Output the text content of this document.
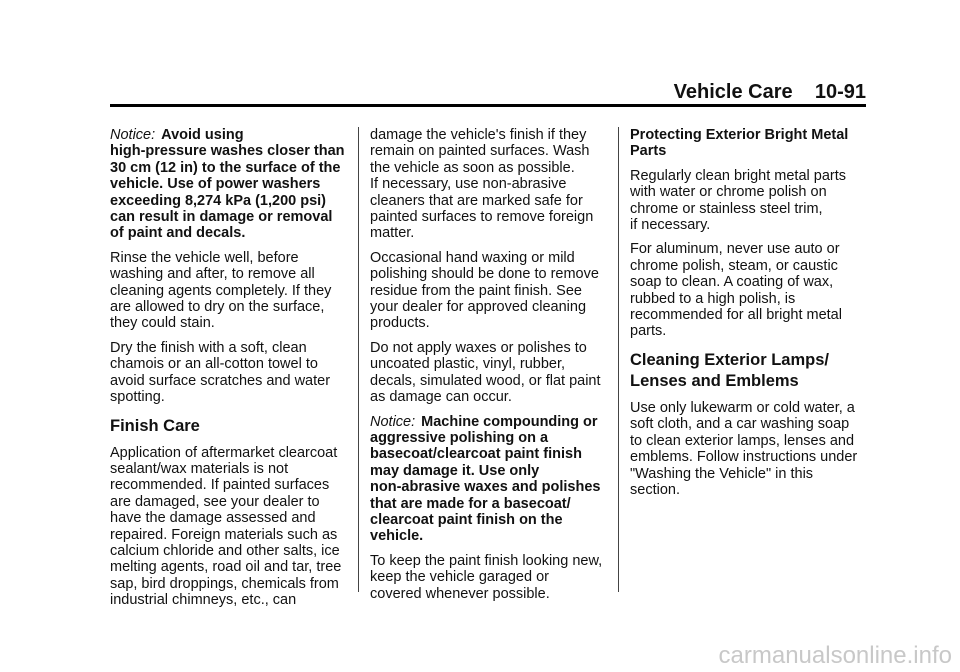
Vehicle Care 10-91

Notice: Avoid using
high-pressure washes closer than
30 cm (12 in) to the surface of the
vehicle. Use of power washers
exceeding 8,274 kPa (1,200 psi)
can result in damage or removal
of paint and decals.

Rinse the vehicle well, before
washing and after, to remove all
cleaning agents completely. If they
are allowed to dry on the surface,
they could stain.

Dry the finish with a soft, clean
chamois or an all-cotton towel to
avoid surface scratches and water
spotting.

Finish Care

Application of aftermarket clearcoat
sealant/wax materials is not
recommended. If painted surfaces
are damaged, see your dealer to
have the damage assessed and
repaired. Foreign materials such as
calcium chloride and other salts, ice
melting agents, road oil and tar, tree
sap, bird droppings, chemicals from
industrial chimneys, etc., can

damage the vehicle's finish if they
remain on painted surfaces. Wash
the vehicle as soon as possible.
If necessary, use non-abrasive
cleaners that are marked safe for
painted surfaces to remove foreign
matter.

Occasional hand waxing or mild
polishing should be done to remove
residue from the paint finish. See
your dealer for approved cleaning
products.

Do not apply waxes or polishes to
uncoated plastic, vinyl, rubber,
decals, simulated wood, or flat paint
as damage can occur.

Notice: Machine compounding or
aggressive polishing on a
basecoat/clearcoat paint finish
may damage it. Use only
non-abrasive waxes and polishes
that are made for a basecoat/
clearcoat paint finish on the
vehicle.

To keep the paint finish looking new,
keep the vehicle garaged or
covered whenever possible.

Protecting Exterior Bright Metal
Parts

Regularly clean bright metal parts
with water or chrome polish on
chrome or stainless steel trim,
if necessary.

For aluminum, never use auto or
chrome polish, steam, or caustic
soap to clean. A coating of wax,
rubbed to a high polish, is
recommended for all bright metal
parts.

Cleaning Exterior Lamps/
Lenses and Emblems

Use only lukewarm or cold water, a
soft cloth, and a car washing soap
to clean exterior lamps, lenses and
emblems. Follow instructions under
"Washing the Vehicle" in this
section.

carmanualsonline.info
